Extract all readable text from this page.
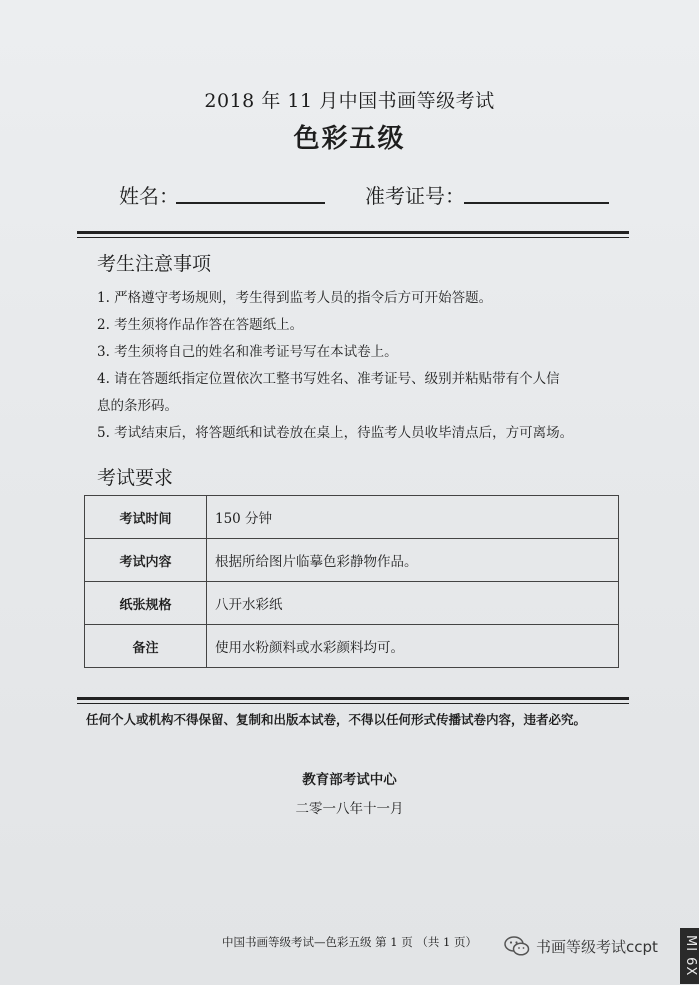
2018 年 11 月中国书画等级考试
色彩五级
姓名：	准考证号：
考生注意事项
1. 严格遵守考场规则，考生得到监考人员的指令后方可开始答题。
2. 考生须将作品作答在答题纸上。
3. 考生须将自己的姓名和准考证号写在本试卷上。
4. 请在答题纸指定位置依次工整书写姓名、准考证号、级别并粘贴带有个人信
息的条形码。
5. 考试结束后，将答题纸和试卷放在桌上，待监考人员收毕清点后，方可离场。
考试要求
考试时间	150 分钟
考试内容	根据所给图片临摹色彩静物作品。
纸张规格	八开水彩纸
备注	使用水粉颜料或水彩颜料均可。
任何个人或机构不得保留、复制和出版本试卷，不得以任何形式传播试卷内容，违者必究。
教育部考试中心
二零一八年十一月
中国书画等级考试—色彩五级 第 1 页 （共 1 页）	书画等级考试ccpt MI 6X
